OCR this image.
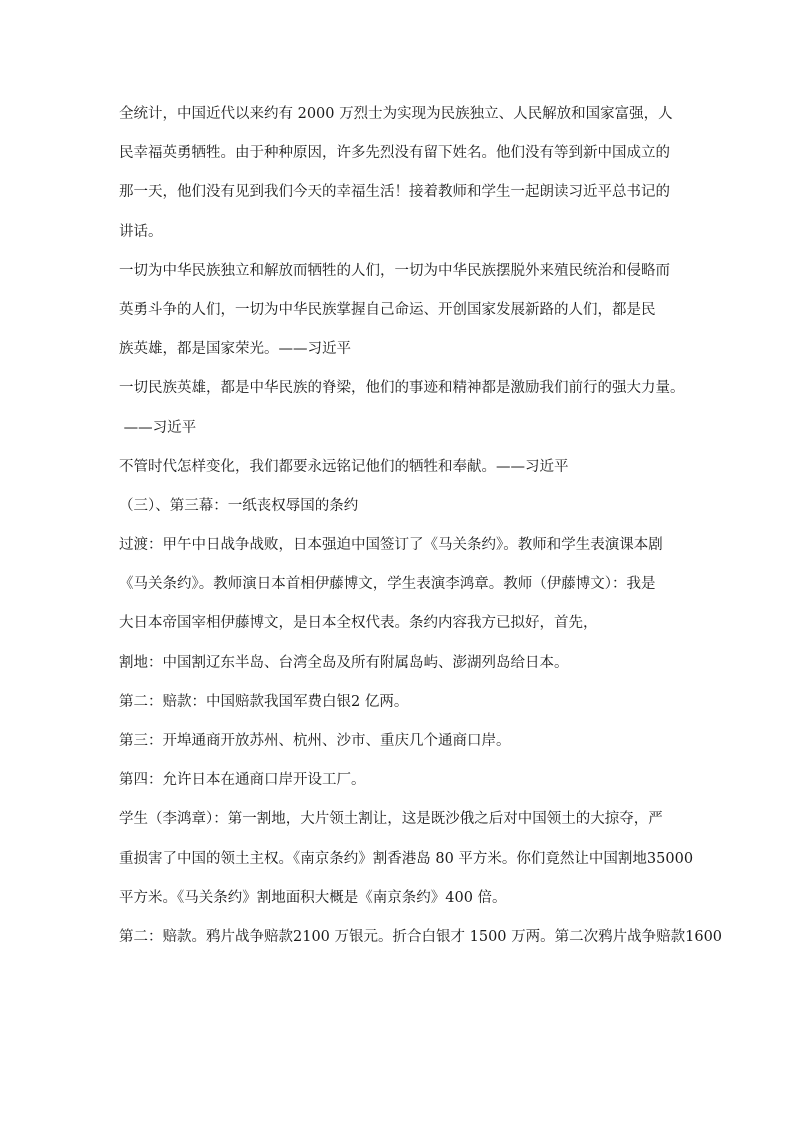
全统计，中国近代以来约有 2000 万烈士为实现为民族独立、人民解放和国家富强，人
民幸福英勇牺牲。由于种种原因，许多先烈没有留下姓名。他们没有等到新中国成立的
那一天，他们没有见到我们今天的幸福生活！接着教师和学生一起朗读习近平总书记的
讲话。
一切为中华民族独立和解放而牺牲的人们，一切为中华民族摆脱外来殖民统治和侵略而
英勇斗争的人们，一切为中华民族掌握自己命运、开创国家发展新路的人们，都是民
族英雄，都是国家荣光。——习近平
一切民族英雄，都是中华民族的脊梁，他们的事迹和精神都是激励我们前行的强大力量。
——习近平
不管时代怎样变化，我们都要永远铭记他们的牺牲和奉献。——习近平
（三）、第三幕：一纸丧权辱国的条约
过渡：甲午中日战争战败，日本强迫中国签订了《马关条约》。教师和学生表演课本剧
《马关条约》。教师演日本首相伊藤博文，学生表演李鸿章。教师（伊藤博文）：我是
大日本帝国宰相伊藤博文，是日本全权代表。条约内容我方已拟好，首先，
割地：中国割辽东半岛、台湾全岛及所有附属岛屿、澎湖列岛给日本。
第二：赔款：中国赔款我国军费白银2 亿两。
第三：开埠通商开放苏州、杭州、沙市、重庆几个通商口岸。
第四：允许日本在通商口岸开设工厂。
学生（李鸿章）：第一割地，大片领土割让，这是既沙俄之后对中国领土的大掠夺，严
重损害了中国的领土主权。《南京条约》割香港岛 80 平方米。你们竟然让中国割地35000
平方米。《马关条约》割地面积大概是《南京条约》400 倍。
第二：赔款。鸦片战争赔款2100 万银元。折合白银才 1500 万两。第二次鸦片战争赔款1600
